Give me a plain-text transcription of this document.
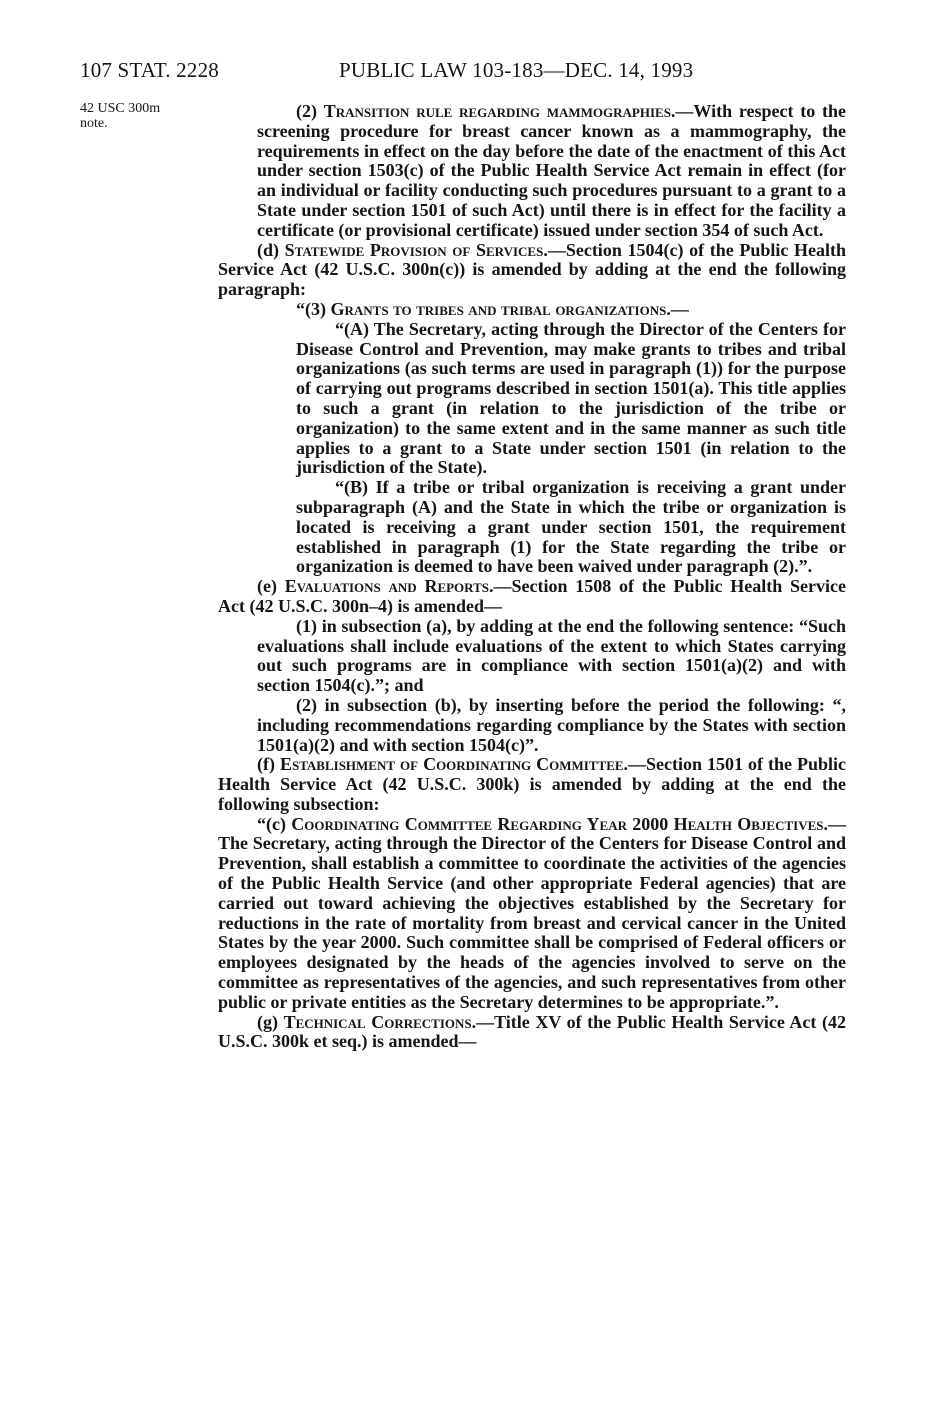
107 STAT. 2228	PUBLIC LAW 103-183—DEC. 14, 1993
42 USC 300m
note.

(2) Transition rule regarding mammographies.—With respect to the screening procedure for breast cancer known as a mammography, the requirements in effect on the day before the date of the enactment of this Act under section 1503(c) of the Public Health Service Act remain in effect (for an individual or facility conducting such procedures pursuant to a grant to a State under section 1501 of such Act) until there is in effect for the facility a certificate (or provisional certificate) issued under section 354 of such Act.

(d) Statewide Provision of Services.—Section 1504(c) of the Public Health Service Act (42 U.S.C. 300n(c)) is amended by adding at the end the following paragraph:

“(3) Grants to tribes and tribal organizations.—

“(A) The Secretary, acting through the Director of the Centers for Disease Control and Prevention, may make grants to tribes and tribal organizations (as such terms are used in paragraph (1)) for the purpose of carrying out programs described in section 1501(a). This title applies to such a grant (in relation to the jurisdiction of the tribe or organization) to the same extent and in the same manner as such title applies to a grant to a State under section 1501 (in relation to the jurisdiction of the State).

“(B) If a tribe or tribal organization is receiving a grant under subparagraph (A) and the State in which the tribe or organization is located is receiving a grant under section 1501, the requirement established in paragraph (1) for the State regarding the tribe or organization is deemed to have been waived under paragraph (2).”.

(e) Evaluations and Reports.—Section 1508 of the Public Health Service Act (42 U.S.C. 300n–4) is amended—

(1) in subsection (a), by adding at the end the following sentence: “Such evaluations shall include evaluations of the extent to which States carrying out such programs are in compliance with section 1501(a)(2) and with section 1504(c).”; and

(2) in subsection (b), by inserting before the period the following: “, including recommendations regarding compliance by the States with section 1501(a)(2) and with section 1504(c)”.

(f) Establishment of Coordinating Committee.—Section 1501 of the Public Health Service Act (42 U.S.C. 300k) is amended by adding at the end the following subsection:

“(c) Coordinating Committee Regarding Year 2000 Health Objectives.—The Secretary, acting through the Director of the Centers for Disease Control and Prevention, shall establish a committee to coordinate the activities of the agencies of the Public Health Service (and other appropriate Federal agencies) that are carried out toward achieving the objectives established by the Secretary for reductions in the rate of mortality from breast and cervical cancer in the United States by the year 2000. Such committee shall be comprised of Federal officers or employees designated by the heads of the agencies involved to serve on the committee as representatives of the agencies, and such representatives from other public or private entities as the Secretary determines to be appropriate.”.

(g) Technical Corrections.—Title XV of the Public Health Service Act (42 U.S.C. 300k et seq.) is amended—
